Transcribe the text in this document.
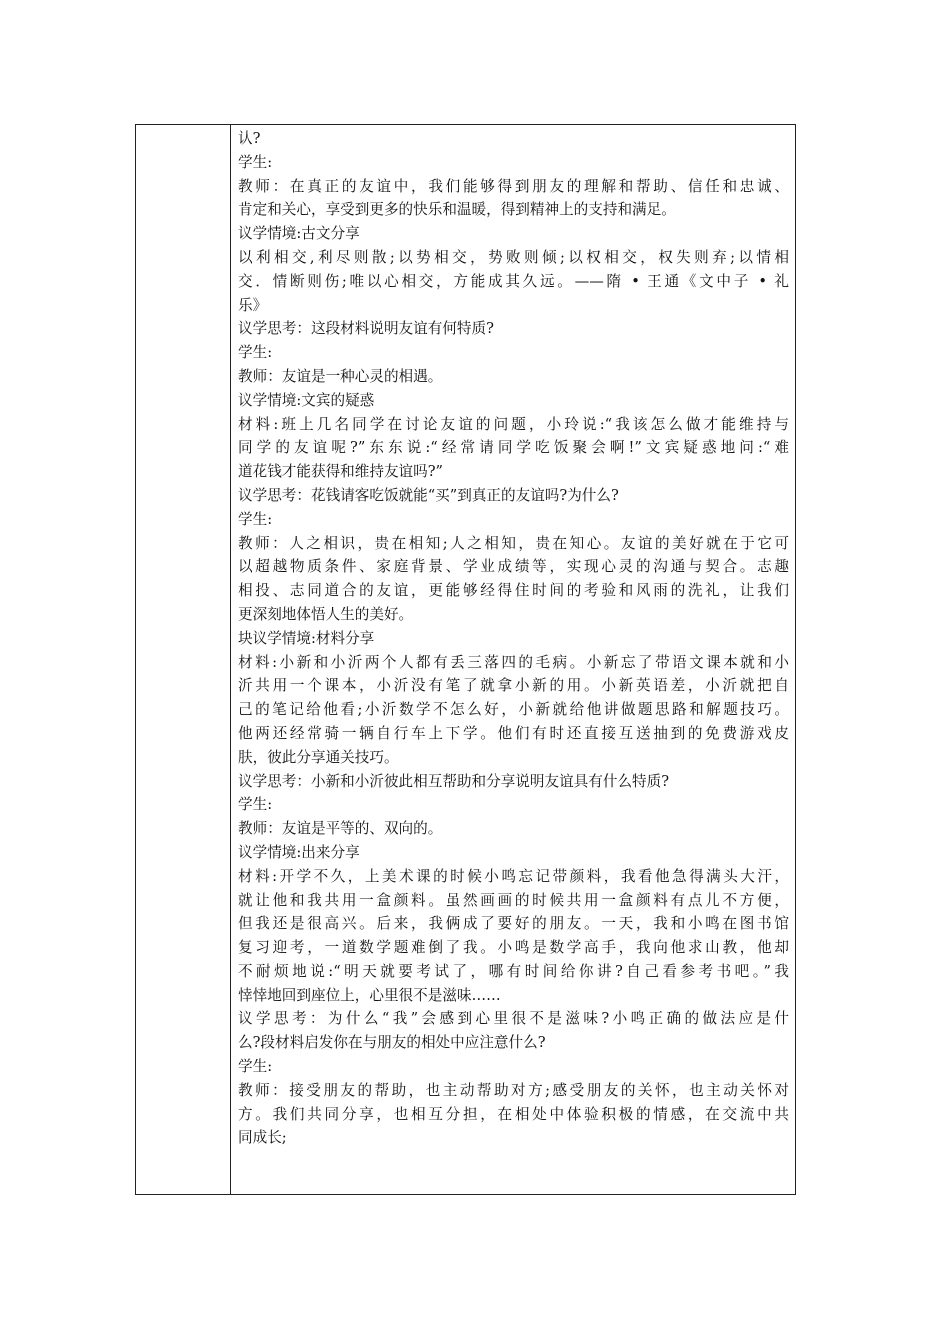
认?
学生:
教师：在真正的友谊中，我们能够得到朋友的理解和帮助、信任和忠诚、
肯定和关心，享受到更多的快乐和温暖，得到精神上的支持和满足。
议学情境:古文分享
以利相交,利尽则散;以势相交，势败则倾;以权相交，权失则弃;以情相
交．情断则伤;唯以心相交，方能成其久远。——隋 • 王通《文中子 • 礼
乐》
议学思考：这段材料说明友谊有何特质?
学生:
教师：友谊是一种心灵的相遇。
议学情境:文宾的疑惑
材料:班上几名同学在讨论友谊的问题，小玲说:“我该怎么做才能维持与
同学的友谊呢?”东东说:“经常请同学吃饭聚会啊!”文宾疑惑地问:“难
道花钱才能获得和维持友谊吗?”
议学思考：花钱请客吃饭就能“买”到真正的友谊吗?为什么?
学生:
教师：人之相识，贵在相知;人之相知，贵在知心。友谊的美好就在于它可
以超越物质条件、家庭背景、学业成绩等，实现心灵的沟通与契合。志趣
相投、志同道合的友谊，更能够经得住时间的考验和风雨的洗礼，让我们
更深刻地体悟人生的美好。
块议学情境:材料分享
材料:小新和小沂两个人都有丢三落四的毛病。小新忘了带语文课本就和小
沂共用一个课本，小沂没有笔了就拿小新的用。小新英语差，小沂就把自
己的笔记给他看;小沂数学不怎么好，小新就给他讲做题思路和解题技巧。
他两还经常骑一辆自行车上下学。他们有时还直接互送抽到的免费游戏皮
肤，彼此分享通关技巧。
议学思考：小新和小沂彼此相互帮助和分享说明友谊具有什么特质?
学生:
教师：友谊是平等的、双向的。
议学情境:出来分享
材料:开学不久，上美术课的时候小鸣忘记带颜料，我看他急得满头大汗，
就让他和我共用一盒颜料。虽然画画的时候共用一盒颜料有点儿不方便，
但我还是很高兴。后来，我俩成了要好的朋友。一天，我和小鸣在图书馆
复习迎考，一道数学题难倒了我。小鸣是数学高手，我向他求山教，他却
不耐烦地说:“明天就要考试了，哪有时间给你讲?自己看参考书吧。”我
悻悻地回到座位上，心里很不是滋味……
议学思考：为什么“我”会感到心里很不是滋味?小鸣正确的做法应是什
么?段材料启发你在与朋友的相处中应注意什么?
学生:
教师：接受朋友的帮助，也主动帮助对方;感受朋友的关怀，也主动关怀对
方。我们共同分享，也相互分担，在相处中体验积极的情感，在交流中共
同成长;
